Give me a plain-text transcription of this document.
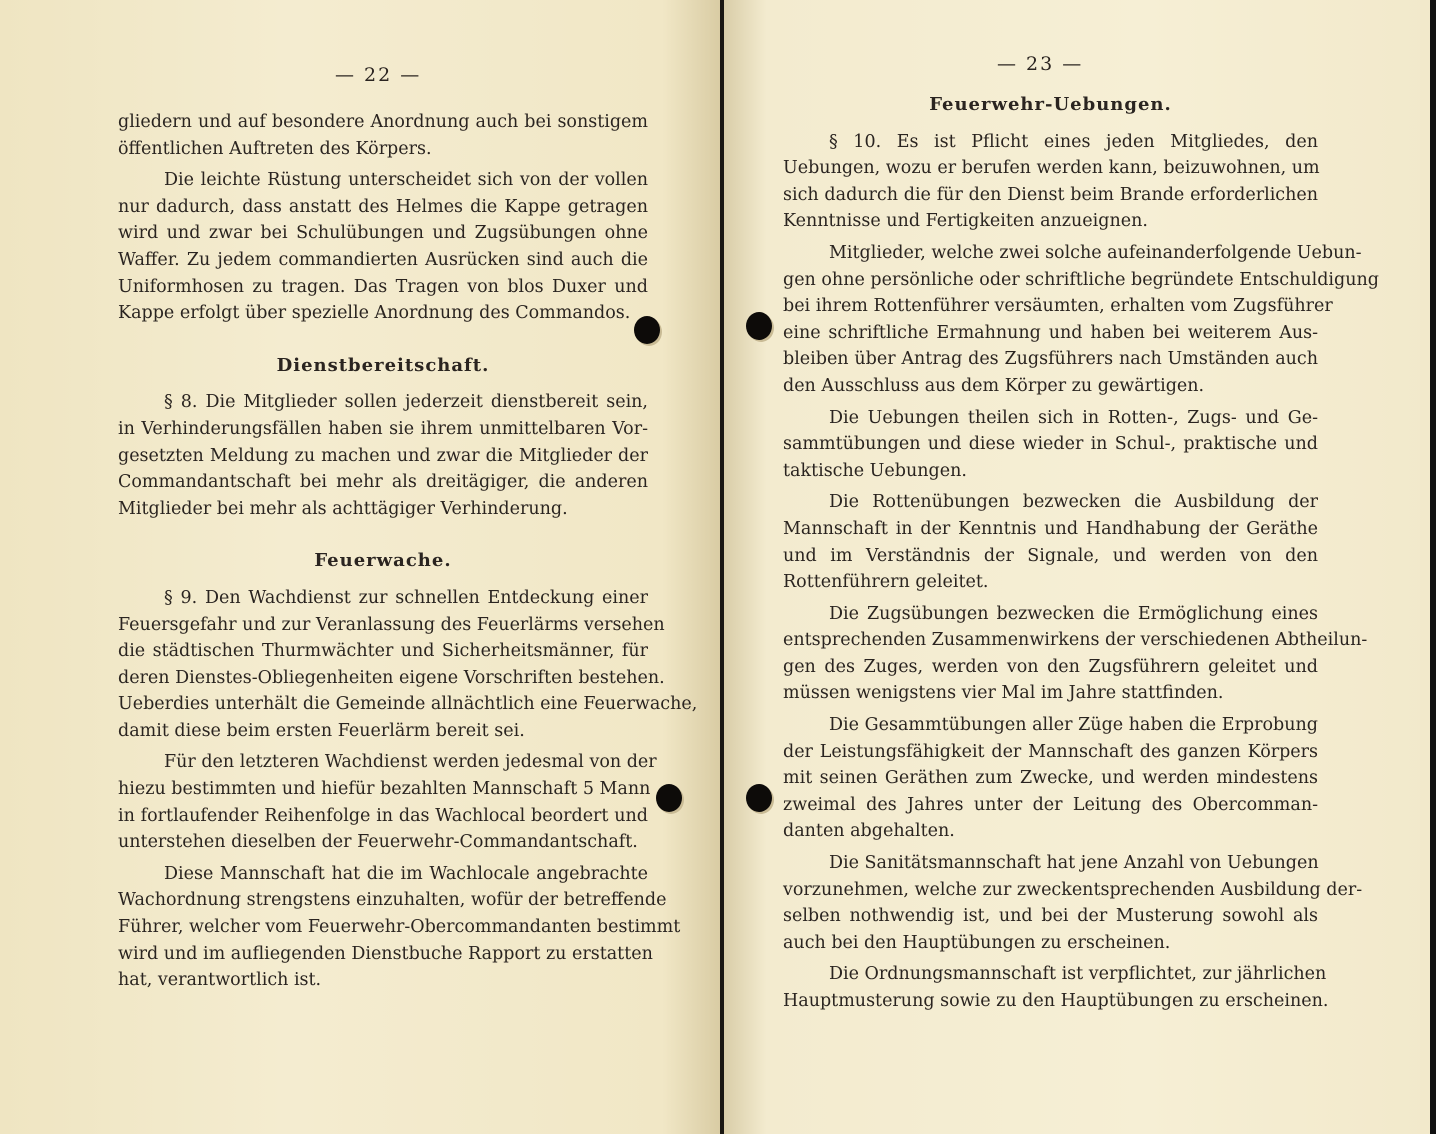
— 22 —
gliedern und auf besondere Anordnung auch bei sonstigem
öffentlichen Auftreten des Körpers.
Die leichte Rüstung unterscheidet sich von der vollen
nur dadurch, dass anstatt des Helmes die Kappe getragen
wird und zwar bei Schulübungen und Zugsübungen ohne
Waffer. Zu jedem commandierten Ausrücken sind auch die
Uniformhosen zu tragen. Das Tragen von blos Duxer und
Kappe erfolgt über spezielle Anordnung des Commandos.
Dienstbereitschaft.
§ 8. Die Mitglieder sollen jederzeit dienstbereit sein,
in Verhinderungsfällen haben sie ihrem unmittelbaren Vor-
gesetzten Meldung zu machen und zwar die Mitglieder der
Commandantschaft bei mehr als dreitägiger, die anderen
Mitglieder bei mehr als achttägiger Verhinderung.
Feuerwache.
§ 9. Den Wachdienst zur schnellen Entdeckung einer
Feuersgefahr und zur Veranlassung des Feuerlärms versehen
die städtischen Thurmwächter und Sicherheitsmänner, für
deren Dienstes-Obliegenheiten eigene Vorschriften bestehen.
Ueberdies unterhält die Gemeinde allnächtlich eine Feuerwache,
damit diese beim ersten Feuerlärm bereit sei.
Für den letzteren Wachdienst werden jedesmal von der
hiezu bestimmten und hiefür bezahlten Mannschaft 5 Mann
in fortlaufender Reihenfolge in das Wachlocal beordert und
unterstehen dieselben der Feuerwehr-Commandantschaft.
Diese Mannschaft hat die im Wachlocale angebrachte
Wachordnung strengstens einzuhalten, wofür der betreffende
Führer, welcher vom Feuerwehr-Obercommandanten bestimmt
wird und im aufliegenden Dienstbuche Rapport zu erstatten
hat, verantwortlich ist.
— 23 —
Feuerwehr-Uebungen.
§ 10. Es ist Pflicht eines jeden Mitgliedes, den
Uebungen, wozu er berufen werden kann, beizuwohnen, um
sich dadurch die für den Dienst beim Brande erforderlichen
Kenntnisse und Fertigkeiten anzueignen.
Mitglieder, welche zwei solche aufeinanderfolgende Uebun-
gen ohne persönliche oder schriftliche begründete Entschuldigung
bei ihrem Rottenführer versäumten, erhalten vom Zugsführer
eine schriftliche Ermahnung und haben bei weiterem Aus-
bleiben über Antrag des Zugsführers nach Umständen auch
den Ausschluss aus dem Körper zu gewärtigen.
Die Uebungen theilen sich in Rotten-, Zugs- und Ge-
sammtübungen und diese wieder in Schul-, praktische und
taktische Uebungen.
Die Rottenübungen bezwecken die Ausbildung der
Mannschaft in der Kenntnis und Handhabung der Geräthe
und im Verständnis der Signale, und werden von den
Rottenführern geleitet.
Die Zugsübungen bezwecken die Ermöglichung eines
entsprechenden Zusammenwirkens der verschiedenen Abtheilun-
gen des Zuges, werden von den Zugsführern geleitet und
müssen wenigstens vier Mal im Jahre stattfinden.
Die Gesammtübungen aller Züge haben die Erprobung
der Leistungsfähigkeit der Mannschaft des ganzen Körpers
mit seinen Geräthen zum Zwecke, und werden mindestens
zweimal des Jahres unter der Leitung des Obercomman-
danten abgehalten.
Die Sanitätsmannschaft hat jene Anzahl von Uebungen
vorzunehmen, welche zur zweckentsprechenden Ausbildung der-
selben nothwendig ist, und bei der Musterung sowohl als
auch bei den Hauptübungen zu erscheinen.
Die Ordnungsmannschaft ist verpflichtet, zur jährlichen
Hauptmusterung sowie zu den Hauptübungen zu erscheinen.
